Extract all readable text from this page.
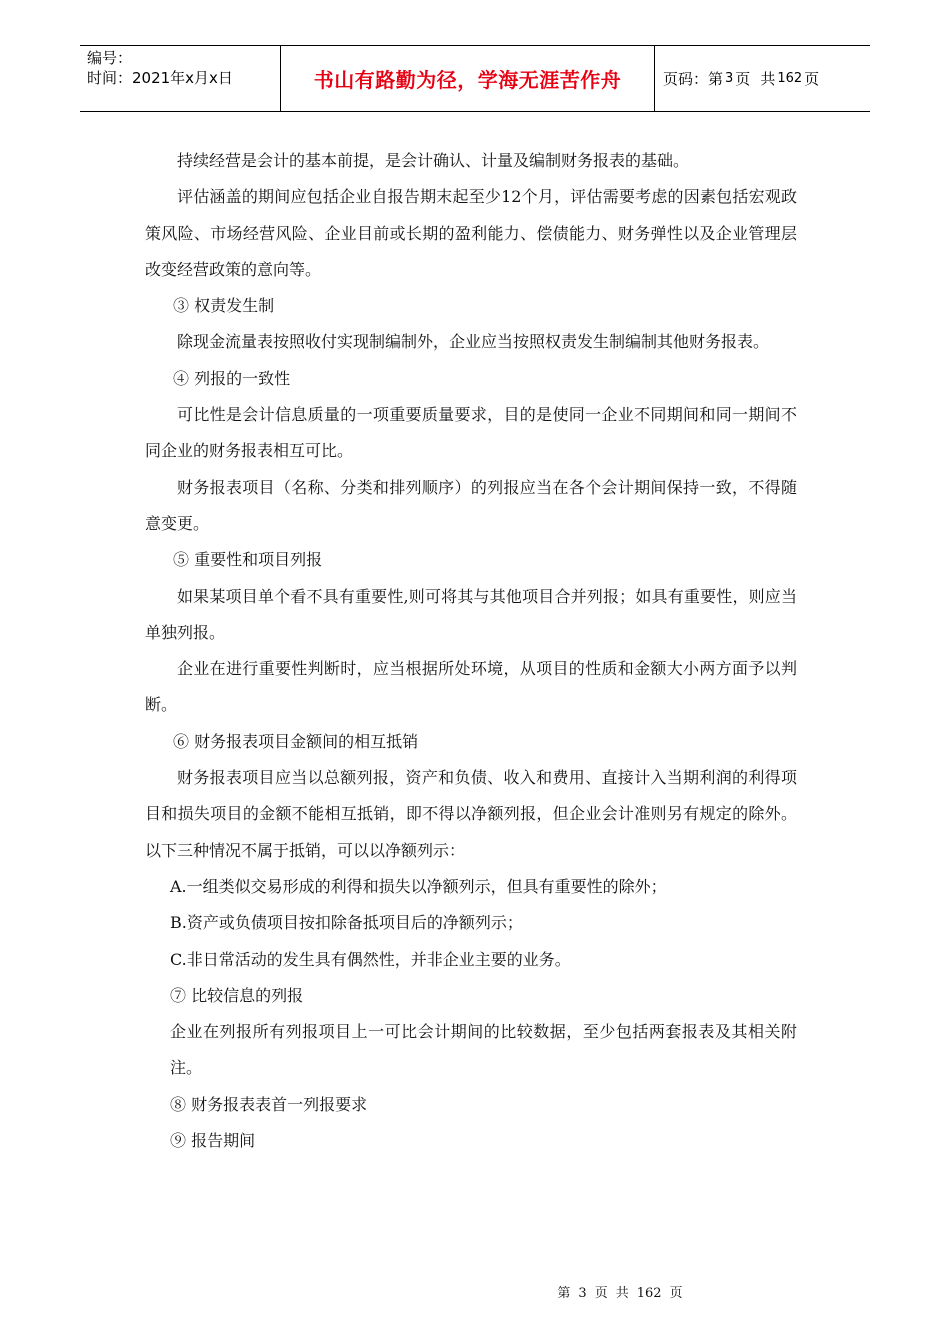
编号：
时间：2021年x月x日	书山有路勤为径，学海无涯苦作舟	页码：第 3 页 共 162 页

持续经营是会计的基本前提，是会计确认、计量及编制财务报表的基础。

评估涵盖的期间应包括企业自报告期末起至少12个月，评估需要考虑的因素包括宏观政策风险、市场经营风险、企业目前或长期的盈利能力、偿债能力、财务弹性以及企业管理层改变经营政策的意向等。

③ 权责发生制

除现金流量表按照收付实现制编制外，企业应当按照权责发生制编制其他财务报表。

④ 列报的一致性

可比性是会计信息质量的一项重要质量要求，目的是使同一企业不同期间和同一期间不同企业的财务报表相互可比。

财务报表项目（名称、分类和排列顺序）的列报应当在各个会计期间保持一致，不得随意变更。

⑤ 重要性和项目列报

如果某项目单个看不具有重要性,则可将其与其他项目合并列报；如具有重要性，则应当单独列报。

企业在进行重要性判断时，应当根据所处环境，从项目的性质和金额大小两方面予以判断。

⑥ 财务报表项目金额间的相互抵销

财务报表项目应当以总额列报，资产和负债、收入和费用、直接计入当期利润的利得项目和损失项目的金额不能相互抵销，即不得以净额列报，但企业会计准则另有规定的除外。以下三种情况不属于抵销，可以以净额列示：

A.一组类似交易形成的利得和损失以净额列示，但具有重要性的除外；

B.资产或负债项目按扣除备抵项目后的净额列示；

C.非日常活动的发生具有偶然性，并非企业主要的业务。

⑦ 比较信息的列报

企业在列报所有列报项目上一可比会计期间的比较数据，至少包括两套报表及其相关附注。

⑧ 财务报表表首一列报要求

⑨ 报告期间

第 3 页 共 162 页
